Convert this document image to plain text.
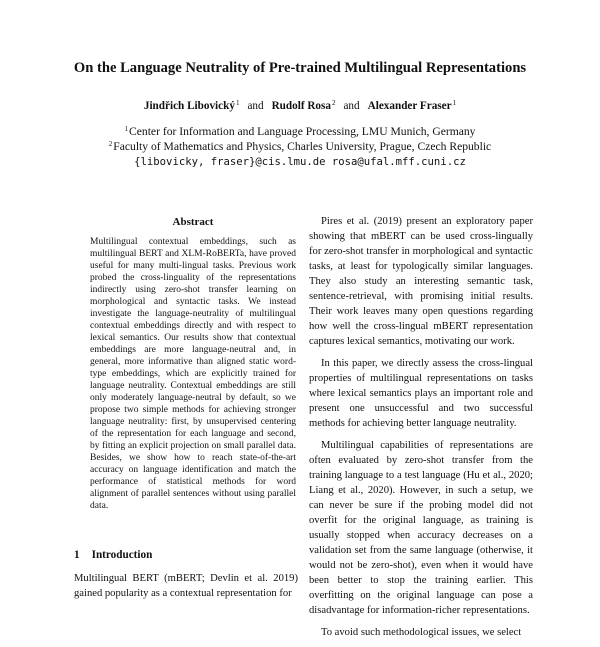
On the Language Neutrality of Pre-trained Multilingual Representations
Jindřich Libovický$^1$ and Rudolf Rosa$^2$ and Alexander Fraser$^1$
$^1$Center for Information and Language Processing, LMU Munich, Germany
$^2$Faculty of Mathematics and Physics, Charles University, Prague, Czech Republic
{libovicky, fraser}@cis.lmu.de rosa@ufal.mff.cuni.cz
Abstract

Multilingual contextual embeddings, such as multilingual BERT and XLM-RoBERTa, have proved useful for many multi-lingual tasks. Previous work probed the cross-linguality of the representations indirectly using zero-shot transfer learning on morphological and syntactic tasks. We instead investigate the language-neutrality of multilingual contextual embeddings directly and with respect to lexical semantics. Our results show that contextual embeddings are more language-neutral and, in general, more informative than aligned static word-type embeddings, which are explicitly trained for language neutrality. Contextual embeddings are still only moderately language-neutral by default, so we propose two simple methods for achieving stronger language neutrality: first, by unsupervised centering of the representation for each language and second, by fitting an explicit projection on small parallel data. Besides, we show how to reach state-of-the-art accuracy on language identification and match the performance of statistical methods for word alignment of parallel sentences without using parallel data.

1 Introduction

Multilingual BERT (mBERT; Devlin et al. 2019) gained popularity as a contextual representation for

Pires et al. (2019) present an exploratory paper showing that mBERT can be used cross-lingually for zero-shot transfer in morphological and syntactic tasks, at least for typologically similar languages. They also study an interesting semantic task, sentence-retrieval, with promising initial results. Their work leaves many open questions regarding how well the cross-lingual mBERT representation captures lexical semantics, motivating our work.

In this paper, we directly assess the cross-lingual properties of multilingual representations on tasks where lexical semantics plays an important role and present one unsuccessful and two successful methods for achieving better language neutrality.

Multilingual capabilities of representations are often evaluated by zero-shot transfer from the training language to a test language (Hu et al., 2020; Liang et al., 2020). However, in such a setup, we can never be sure if the probing model did not overfit for the original language, as training is usually stopped when accuracy decreases on a validation set from the same language (otherwise, it would not be zero-shot), even when it would have been better to stop the training earlier. This overfitting on the original language can pose a disadvantage for information-richer representations.

To avoid such methodological issues, we select
